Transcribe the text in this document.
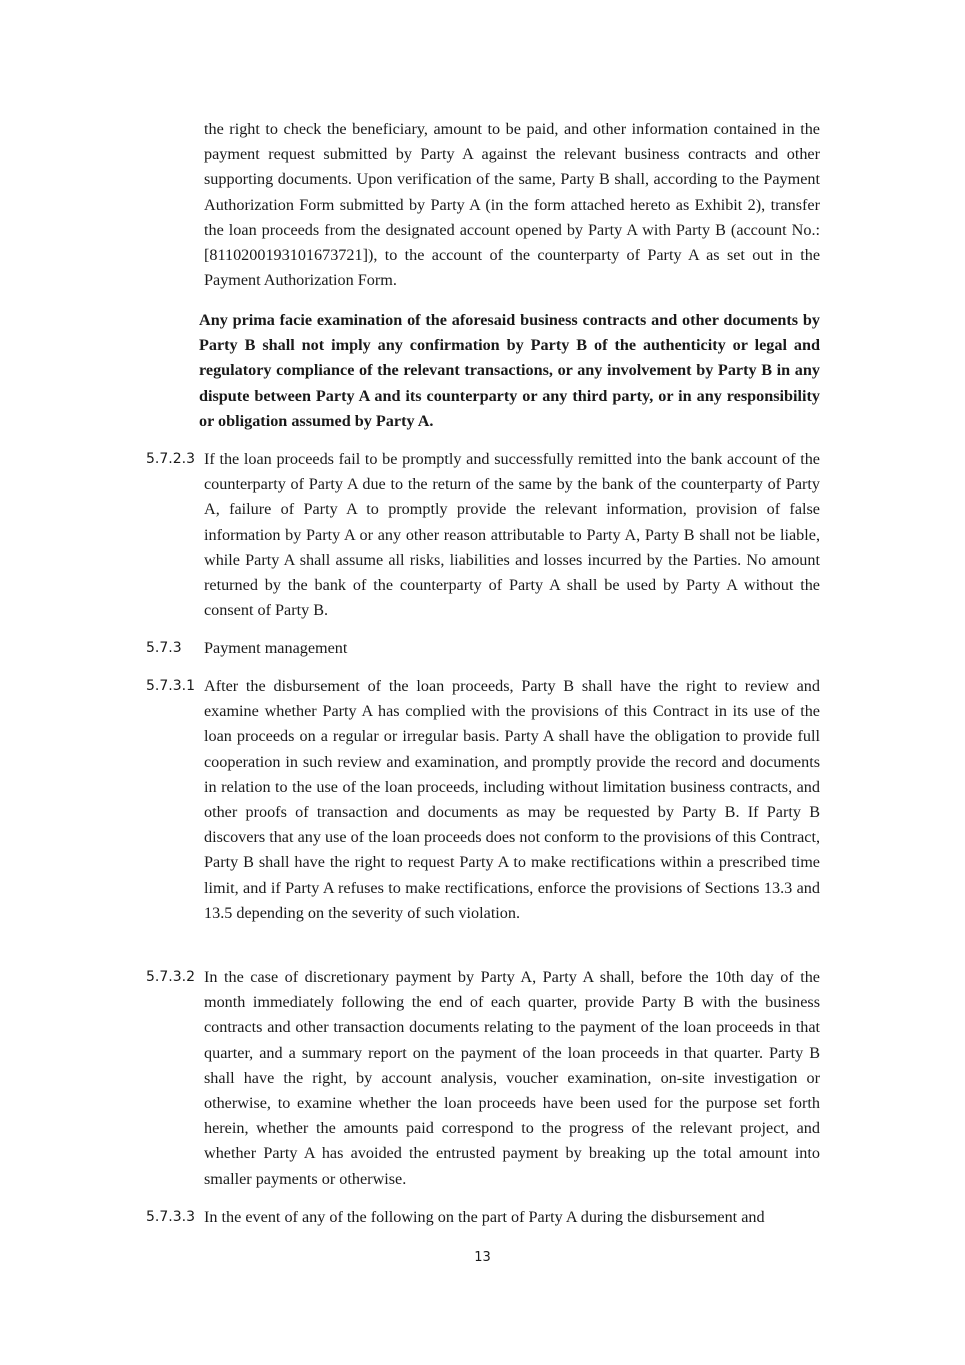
the right to check the beneficiary, amount to be paid, and other information contained in the payment request submitted by Party A against the relevant business contracts and other supporting documents. Upon verification of the same, Party B shall, according to the Payment Authorization Form submitted by Party A (in the form attached hereto as Exhibit 2), transfer the loan proceeds from the designated account opened by Party A with Party B (account No.: [8110200193101673721]), to the account of the counterparty of Party A as set out in the Payment Authorization Form.

Any prima facie examination of the aforesaid business contracts and other documents by Party B shall not imply any confirmation by Party B of the authenticity or legal and regulatory compliance of the relevant transactions, or any involvement by Party B in any dispute between Party A and its counterparty or any third party, or in any responsibility or obligation assumed by Party A.

5.7.2.3 If the loan proceeds fail to be promptly and successfully remitted into the bank account of the counterparty of Party A due to the return of the same by the bank of the counterparty of Party A, failure of Party A to promptly provide the relevant information, provision of false information by Party A or any other reason attributable to Party A, Party B shall not be liable, while Party A shall assume all risks, liabilities and losses incurred by the Parties. No amount returned by the bank of the counterparty of Party A shall be used by Party A without the consent of Party B.

5.7.3 Payment management

5.7.3.1 After the disbursement of the loan proceeds, Party B shall have the right to review and examine whether Party A has complied with the provisions of this Contract in its use of the loan proceeds on a regular or irregular basis. Party A shall have the obligation to provide full cooperation in such review and examination, and promptly provide the record and documents in relation to the use of the loan proceeds, including without limitation business contracts, and other proofs of transaction and documents as may be requested by Party B. If Party B discovers that any use of the loan proceeds does not conform to the provisions of this Contract, Party B shall have the right to request Party A to make rectifications within a prescribed time limit, and if Party A refuses to make rectifications, enforce the provisions of Sections 13.3 and 13.5 depending on the severity of such violation.

5.7.3.2 In the case of discretionary payment by Party A, Party A shall, before the 10th day of the month immediately following the end of each quarter, provide Party B with the business contracts and other transaction documents relating to the payment of the loan proceeds in that quarter, and a summary report on the payment of the loan proceeds in that quarter. Party B shall have the right, by account analysis, voucher examination, on-site investigation or otherwise, to examine whether the loan proceeds have been used for the purpose set forth herein, whether the amounts paid correspond to the progress of the relevant project, and whether Party A has avoided the entrusted payment by breaking up the total amount into smaller payments or otherwise.

5.7.3.3 In the event of any of the following on the part of Party A during the disbursement and

13
